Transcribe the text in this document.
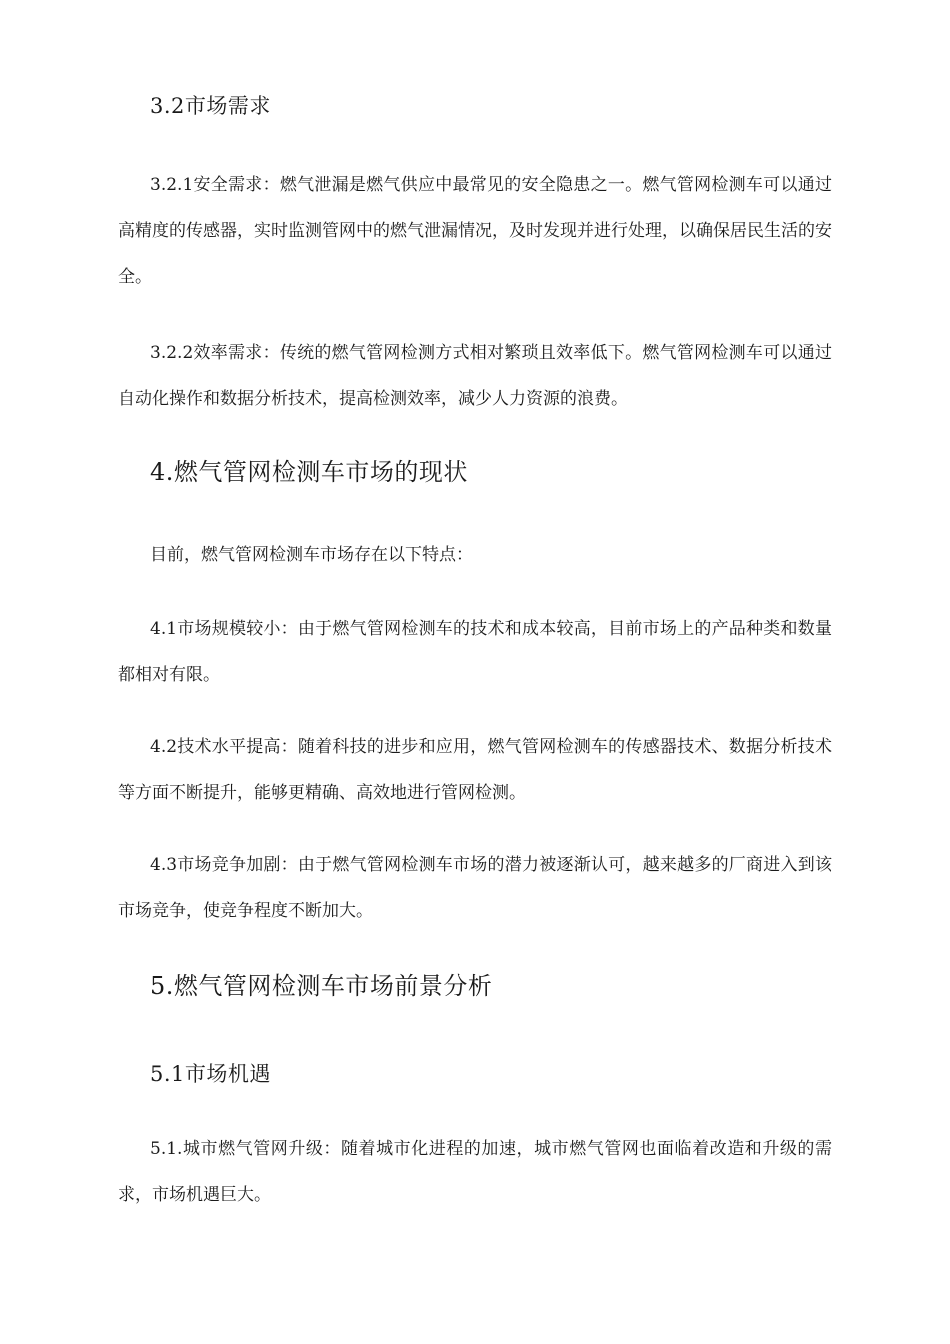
3.2市场需求

3.2.1安全需求：燃气泄漏是燃气供应中最常见的安全隐患之一。燃气管网检测车可以通过高精度的传感器，实时监测管网中的燃气泄漏情况，及时发现并进行处理，以确保居民生活的安全。

3.2.2效率需求：传统的燃气管网检测方式相对繁琐且效率低下。燃气管网检测车可以通过自动化操作和数据分析技术，提高检测效率，减少人力资源的浪费。

4.燃气管网检测车市场的现状

目前，燃气管网检测车市场存在以下特点：

4.1市场规模较小：由于燃气管网检测车的技术和成本较高，目前市场上的产品种类和数量都相对有限。

4.2技术水平提高：随着科技的进步和应用，燃气管网检测车的传感器技术、数据分析技术等方面不断提升，能够更精确、高效地进行管网检测。

4.3市场竞争加剧：由于燃气管网检测车市场的潜力被逐渐认可，越来越多的厂商进入到该市场竞争，使竞争程度不断加大。

5.燃气管网检测车市场前景分析
5.1市场机遇

5.1.城市燃气管网升级：随着城市化进程的加速，城市燃气管网也面临着改造和升级的需求，市场机遇巨大。
